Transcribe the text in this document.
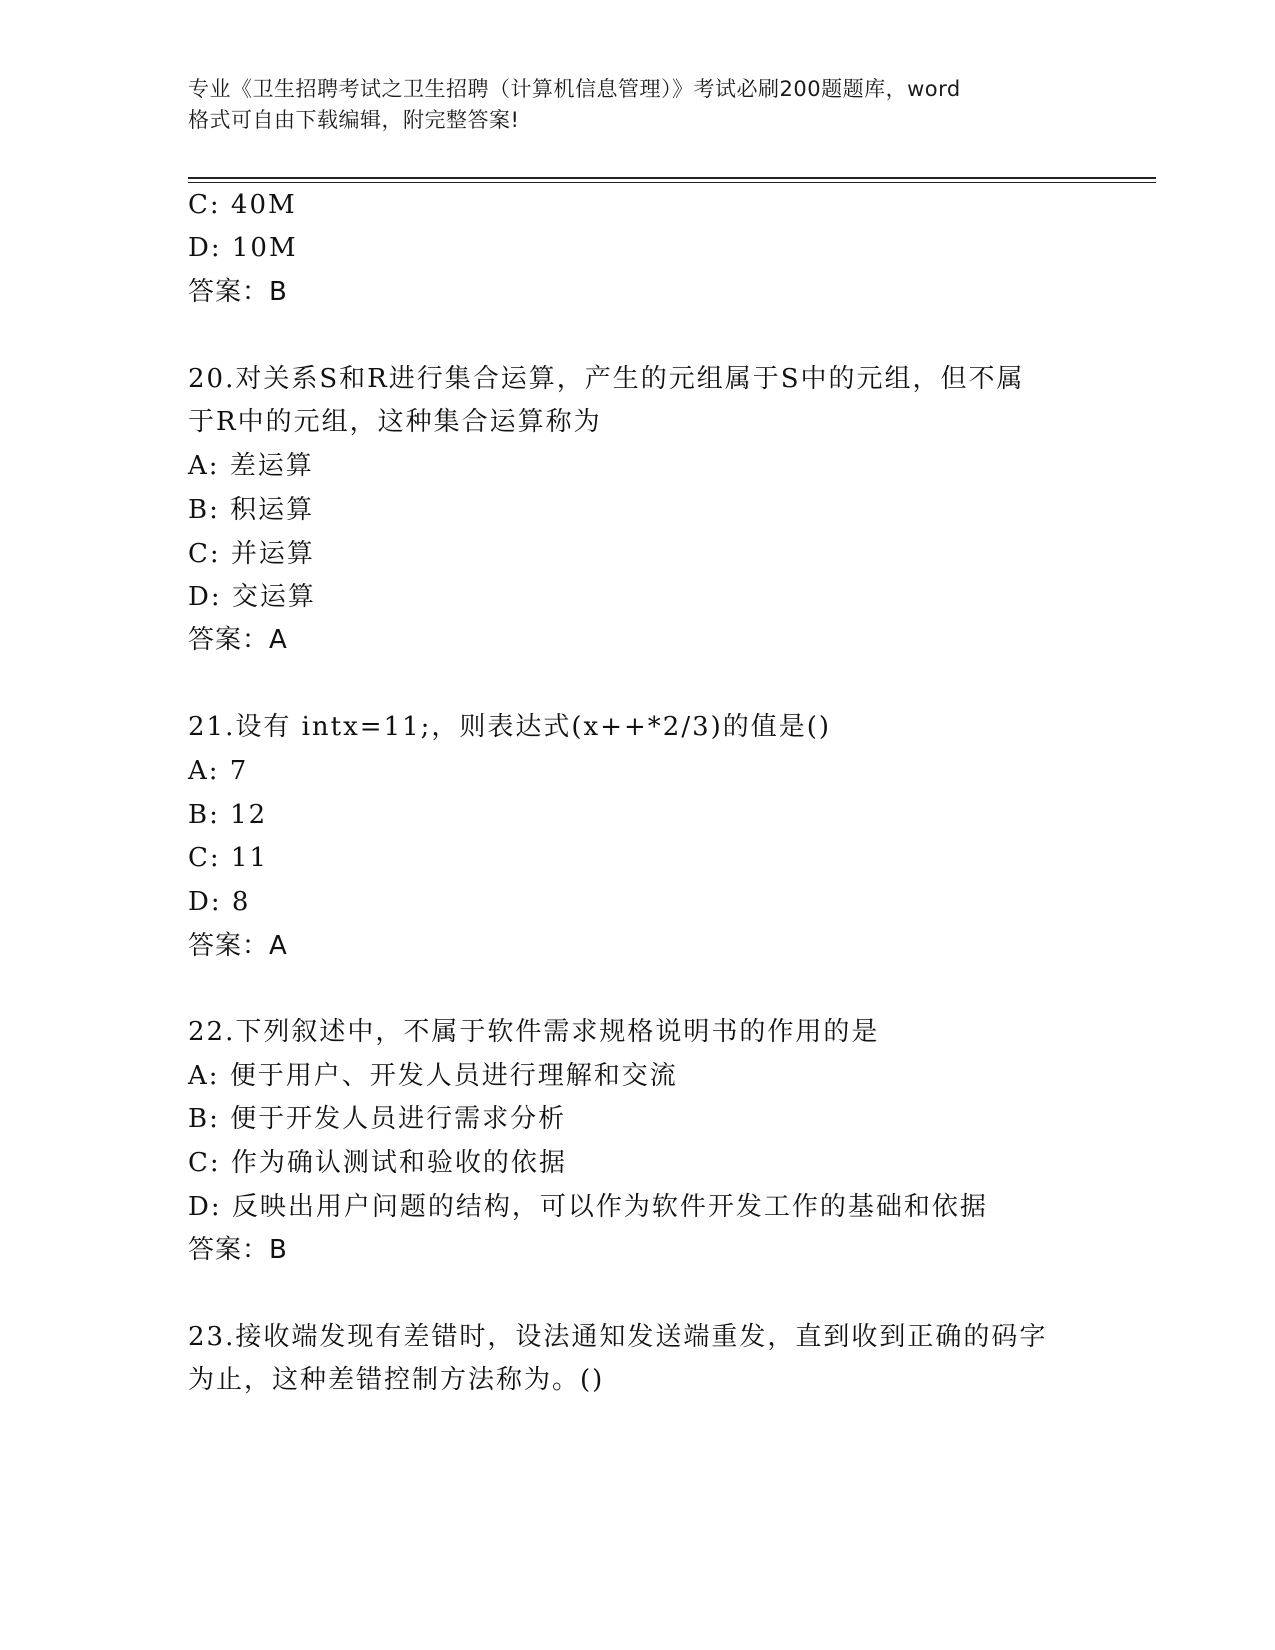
专业《卫生招聘考试之卫生招聘（计算机信息管理）》考试必刷200题题库，word
格式可自由下载编辑，附完整答案!
C: 40M
D: 10M
答案：B
20.对关系S和R进行集合运算，产生的元组属于S中的元组，但不属
于R中的元组，这种集合运算称为
A: 差运算
B: 积运算
C: 并运算
D: 交运算
答案：A
21.设有 intx=11;，则表达式(x++*2/3)的值是()
A: 7
B: 12
C: 11
D: 8
答案：A
22.下列叙述中，不属于软件需求规格说明书的作用的是
A: 便于用户、开发人员进行理解和交流
B: 便于开发人员进行需求分析
C: 作为确认测试和验收的依据
D: 反映出用户问题的结构，可以作为软件开发工作的基础和依据
答案：B
23.接收端发现有差错时，设法通知发送端重发，直到收到正确的码字
为止，这种差错控制方法称为。()
